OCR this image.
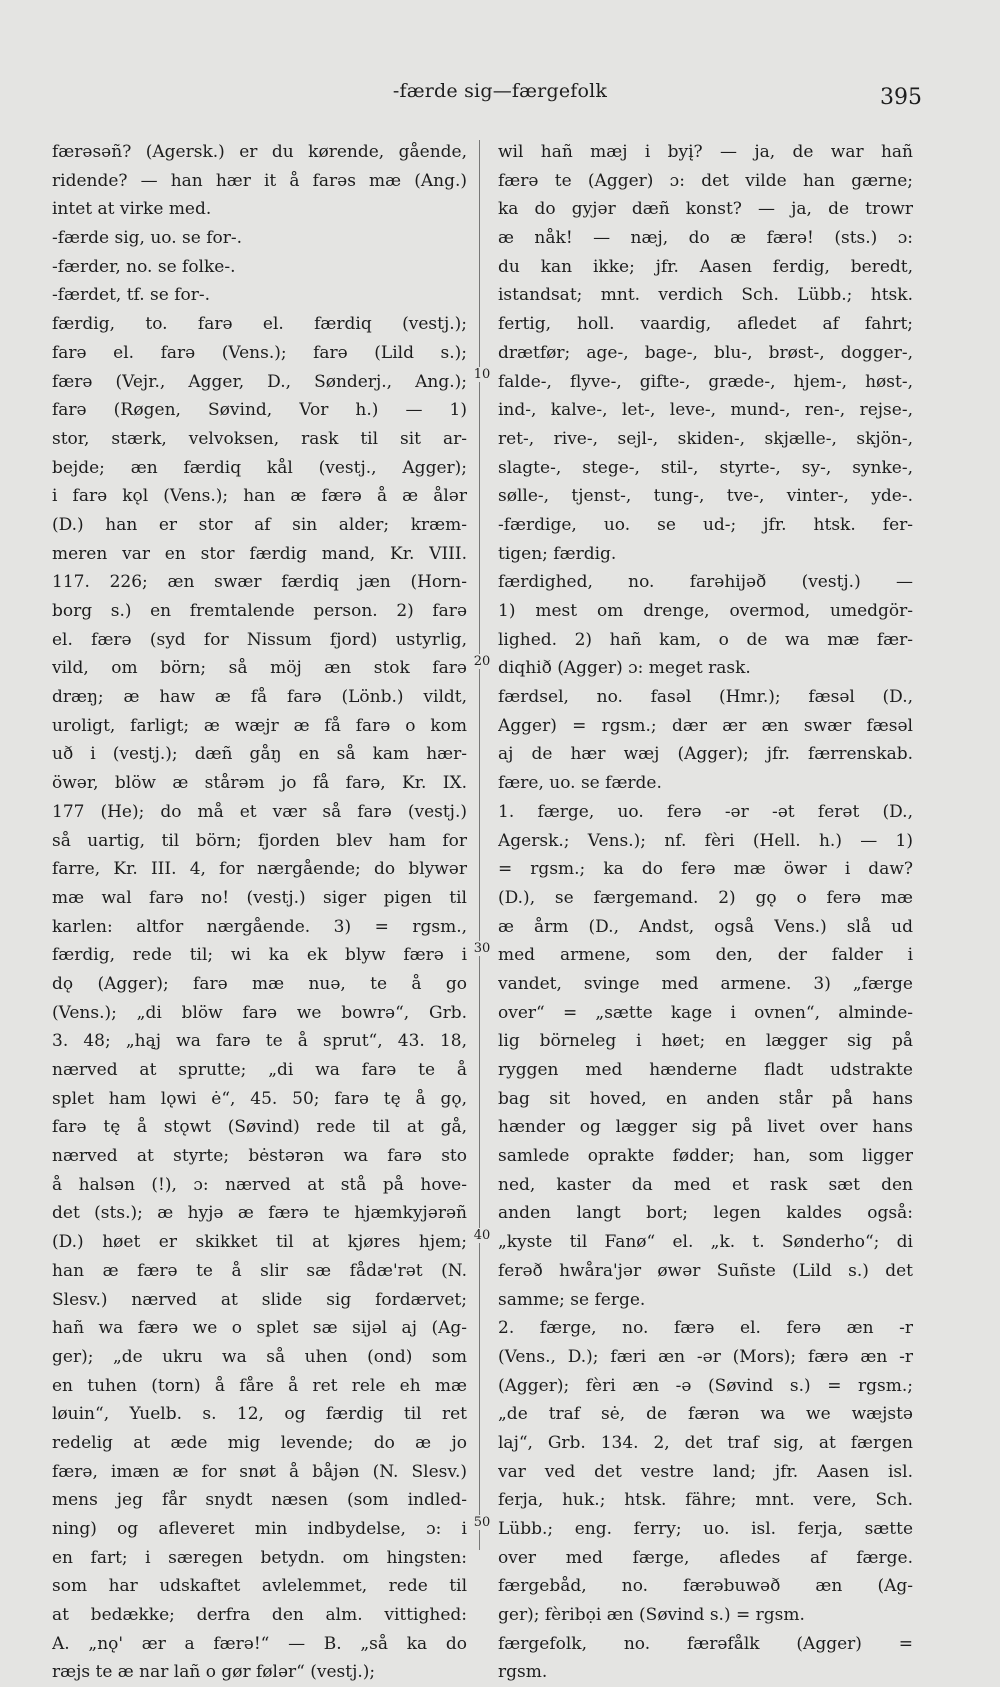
-færde sig—færgefolk	395
færəsəñ? (Agersk.) er du kørende, gående,
ridende? — han hær it å farəs mæ (Ang.)
intet at virke med.
-færde sig, uo. se for-.
-færder, no. se folke-.
-færdet, tf. se for-.
færdig, to. farə el. færdiq (vestj.);
farə el. farə (Vens.); farə (Lild s.);
færə (Vejr., Agger, D., Sønderj., Ang.);
farə (Røgen, Søvind, Vor h.) — 1)
stor, stærk, velvoksen, rask til sit ar-
bejde; æn færdiq kål (vestj., Agger);
i farə kǫl (Vens.); han æ færə å æ ålər
(D.) han er stor af sin alder; kræm-
meren var en stor færdig mand, Kr. VIII.
117. 226; æn swær færdiq jæn (Horn-
borg s.) en fremtalende person. 2) farə
el. færə (syd for Nissum fjord) ustyrlig,
vild, om börn; så möj æn stok farə
dræŋ; æ haw æ få farə (Lönb.) vildt,
uroligt, farligt; æ wæjr æ få farə o kom
uð i (vestj.); dæñ gåŋ en så kam hær-
öwər, blöw æ stårəm jo få farə, Kr. IX.
177 (He); do må et vær så farə (vestj.)
så uartig, til börn; fjorden blev ham for
farre, Kr. III. 4, for nærgående; do blywər
mæ wal farə no! (vestj.) siger pigen til
karlen: altfor nærgående. 3) = rgsm.,
færdig, rede til; wi ka ek blyw færə i
dǫ (Agger); farə mæ nuə, te å go
(Vens.); „di blöw farə we bowrə“, Grb.
3. 48; „hąj wa farə te å sprut“, 43. 18,
nærved at sprutte; „di wa farə te å
splet ham lǫwi ė“, 45. 50; farə tę å gǫ,
farə tę å stǫwt (Søvind) rede til at gå,
nærved at styrte; bėstərən wa farə sto
å halsən (!), ɔ: nærved at stå på hove-
det (sts.); æ hyjə æ færə te hjæmkyjərəñ
(D.) høet er skikket til at kjøres hjem;
han æ færə te å slir sæ fådæ'rət (N.
Slesv.) nærved at slide sig fordærvet;
hañ wa færə we o splet sæ sijəl aj (Ag-
ger); „de ukru wa så uhen (ond) som
en tuhen (torn) å fåre å ret rele eh mæ
løuin“, Yuelb. s. 12, og færdig til ret
redelig at æde mig levende; do æ jo
færə, imæn æ for snøt å båjən (N. Slesv.)
mens jeg får snydt næsen (som indled-
ning) og afleveret min indbydelse, ɔ: i
en fart; i særegen betydn. om hingsten:
som har udskaftet avlelemmet, rede til
at bedække; derfra den alm. vittighed:
A. „nǫ' ær a færə!“ — B. „så ka do
ræjs te æ nar lañ o gør følər“ (vestj.);
wil hañ mæj i byį? — ja, de war hañ
færə te (Agger) ɔ: det vilde han gærne;
ka do gyjər dæñ konst? — ja, de trowr
æ nåk! — næj, do æ færə! (sts.) ɔ:
du kan ikke; jfr. Aasen ferdig, beredt,
istandsat; mnt. verdich Sch. Lübb.; htsk.
fertig, holl. vaardig, afledet af fahrt;
drætfør; age-, bage-, blu-, brøst-, dogger-,
falde-, flyve-, gifte-, græde-, hjem-, høst-,
ind-, kalve-, let-, leve-, mund-, ren-, rejse-,
ret-, rive-, sejl-, skiden-, skjælle-, skjön-,
slagte-, stege-, stil-, styrte-, sy-, synke-,
sølle-, tjenst-, tung-, tve-, vinter-, yde-.
-færdige, uo. se ud-; jfr. htsk. fer-
tigen; færdig.
færdighed, no. farəhijəð (vestj.) —
1) mest om drenge, overmod, umedgör-
lighed. 2) hañ kam, o de wa mæ fær-
diqhið (Agger) ɔ: meget rask.
færdsel, no. fasəl (Hmr.); fæsəl (D.,
Agger) = rgsm.; dær ær æn swær fæsəl
aj de hær wæj (Agger); jfr. færrenskab.
fære, uo. se færde.
1. færge, uo. ferə -ər -ət ferət (D.,
Agersk.; Vens.); nf. fèri (Hell. h.) — 1)
= rgsm.; ka do ferə mæ öwər i daw?
(D.), se færgemand. 2) gǫ o ferə mæ
æ årm (D., Andst, også Vens.) slå ud
med armene, som den, der falder i
vandet, svinge med armene. 3) „færge
over“ = „sætte kage i ovnen“, alminde-
lig börneleg i høet; en lægger sig på
ryggen med hænderne fladt udstrakte
bag sit hoved, en anden står på hans
hænder og lægger sig på livet over hans
samlede oprakte fødder; han, som ligger
ned, kaster da med et rask sæt den
anden langt bort; legen kaldes også:
„kyste til Fanø“ el. „k. t. Sønderho“; di
ferəð hwåra'jər øwər Suñste (Lild s.) det
samme; se ferge.
2. færge, no. færə el. ferə æn -r
(Vens., D.); færi æn -ər (Mors); færə æn -r
(Agger); fèri æn -ə (Søvind s.) = rgsm.;
„de traf sė, de færən wa we wæjstə
laj“, Grb. 134. 2, det traf sig, at færgen
var ved det vestre land; jfr. Aasen isl.
ferja, huk.; htsk. fähre; mnt. vere, Sch.
Lübb.; eng. ferry; uo. isl. ferja, sætte
over med færge, afledes af færge.
færgebåd, no. færəbuwəð æn (Ag-
ger); fèribọi æn (Søvind s.) = rgsm.
færgefolk, no. færəfålk (Agger) =
rgsm.
10
20
30
40
50
